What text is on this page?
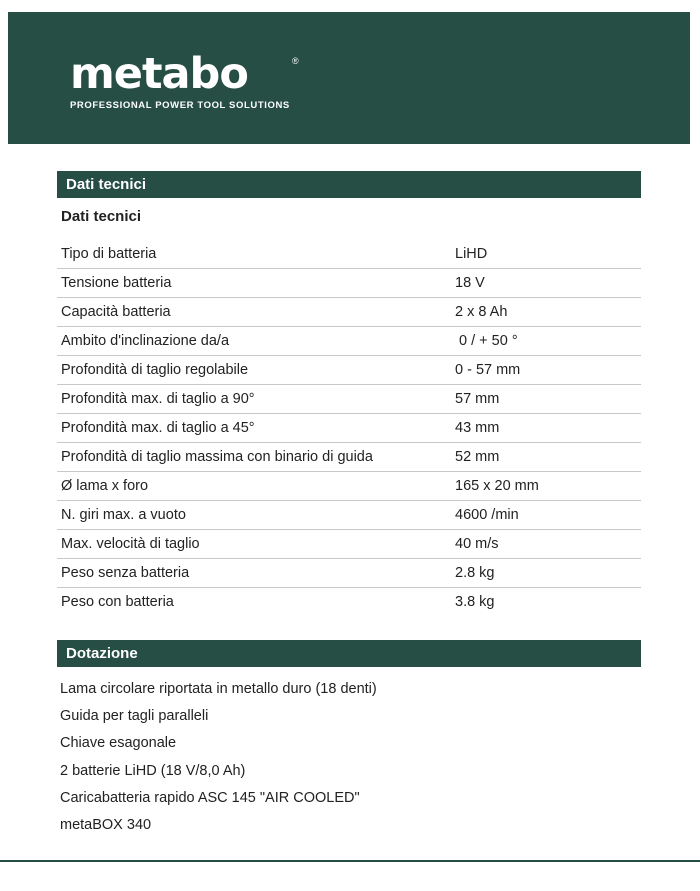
metabo	®
PROFESSIONAL POWER TOOL SOLUTIONS
Dati tecnici
Dati tecnici
Tipo di batteria	LiHD
Tensione batteria	18 V
Capacità batteria	2 x 8 Ah
Ambito d'inclinazione da/a	0 / + 50 °
Profondità di taglio regolabile	0 - 57 mm
Profondità max. di taglio a 90°	57 mm
Profondità max. di taglio a 45°	43 mm
Profondità di taglio massima con binario di guida	52 mm
Ø lama x foro	165 x 20 mm
N. giri max. a vuoto	4600 /min
Max. velocità di taglio	40 m/s
Peso senza batteria	2.8 kg
Peso con batteria	3.8 kg
Dotazione
Lama circolare riportata in metallo duro (18 denti)
Guida per tagli paralleli
Chiave esagonale
2 batterie LiHD (18 V/8,0 Ah)
Caricabatteria rapido ASC 145 "AIR COOLED"
metaBOX 340
